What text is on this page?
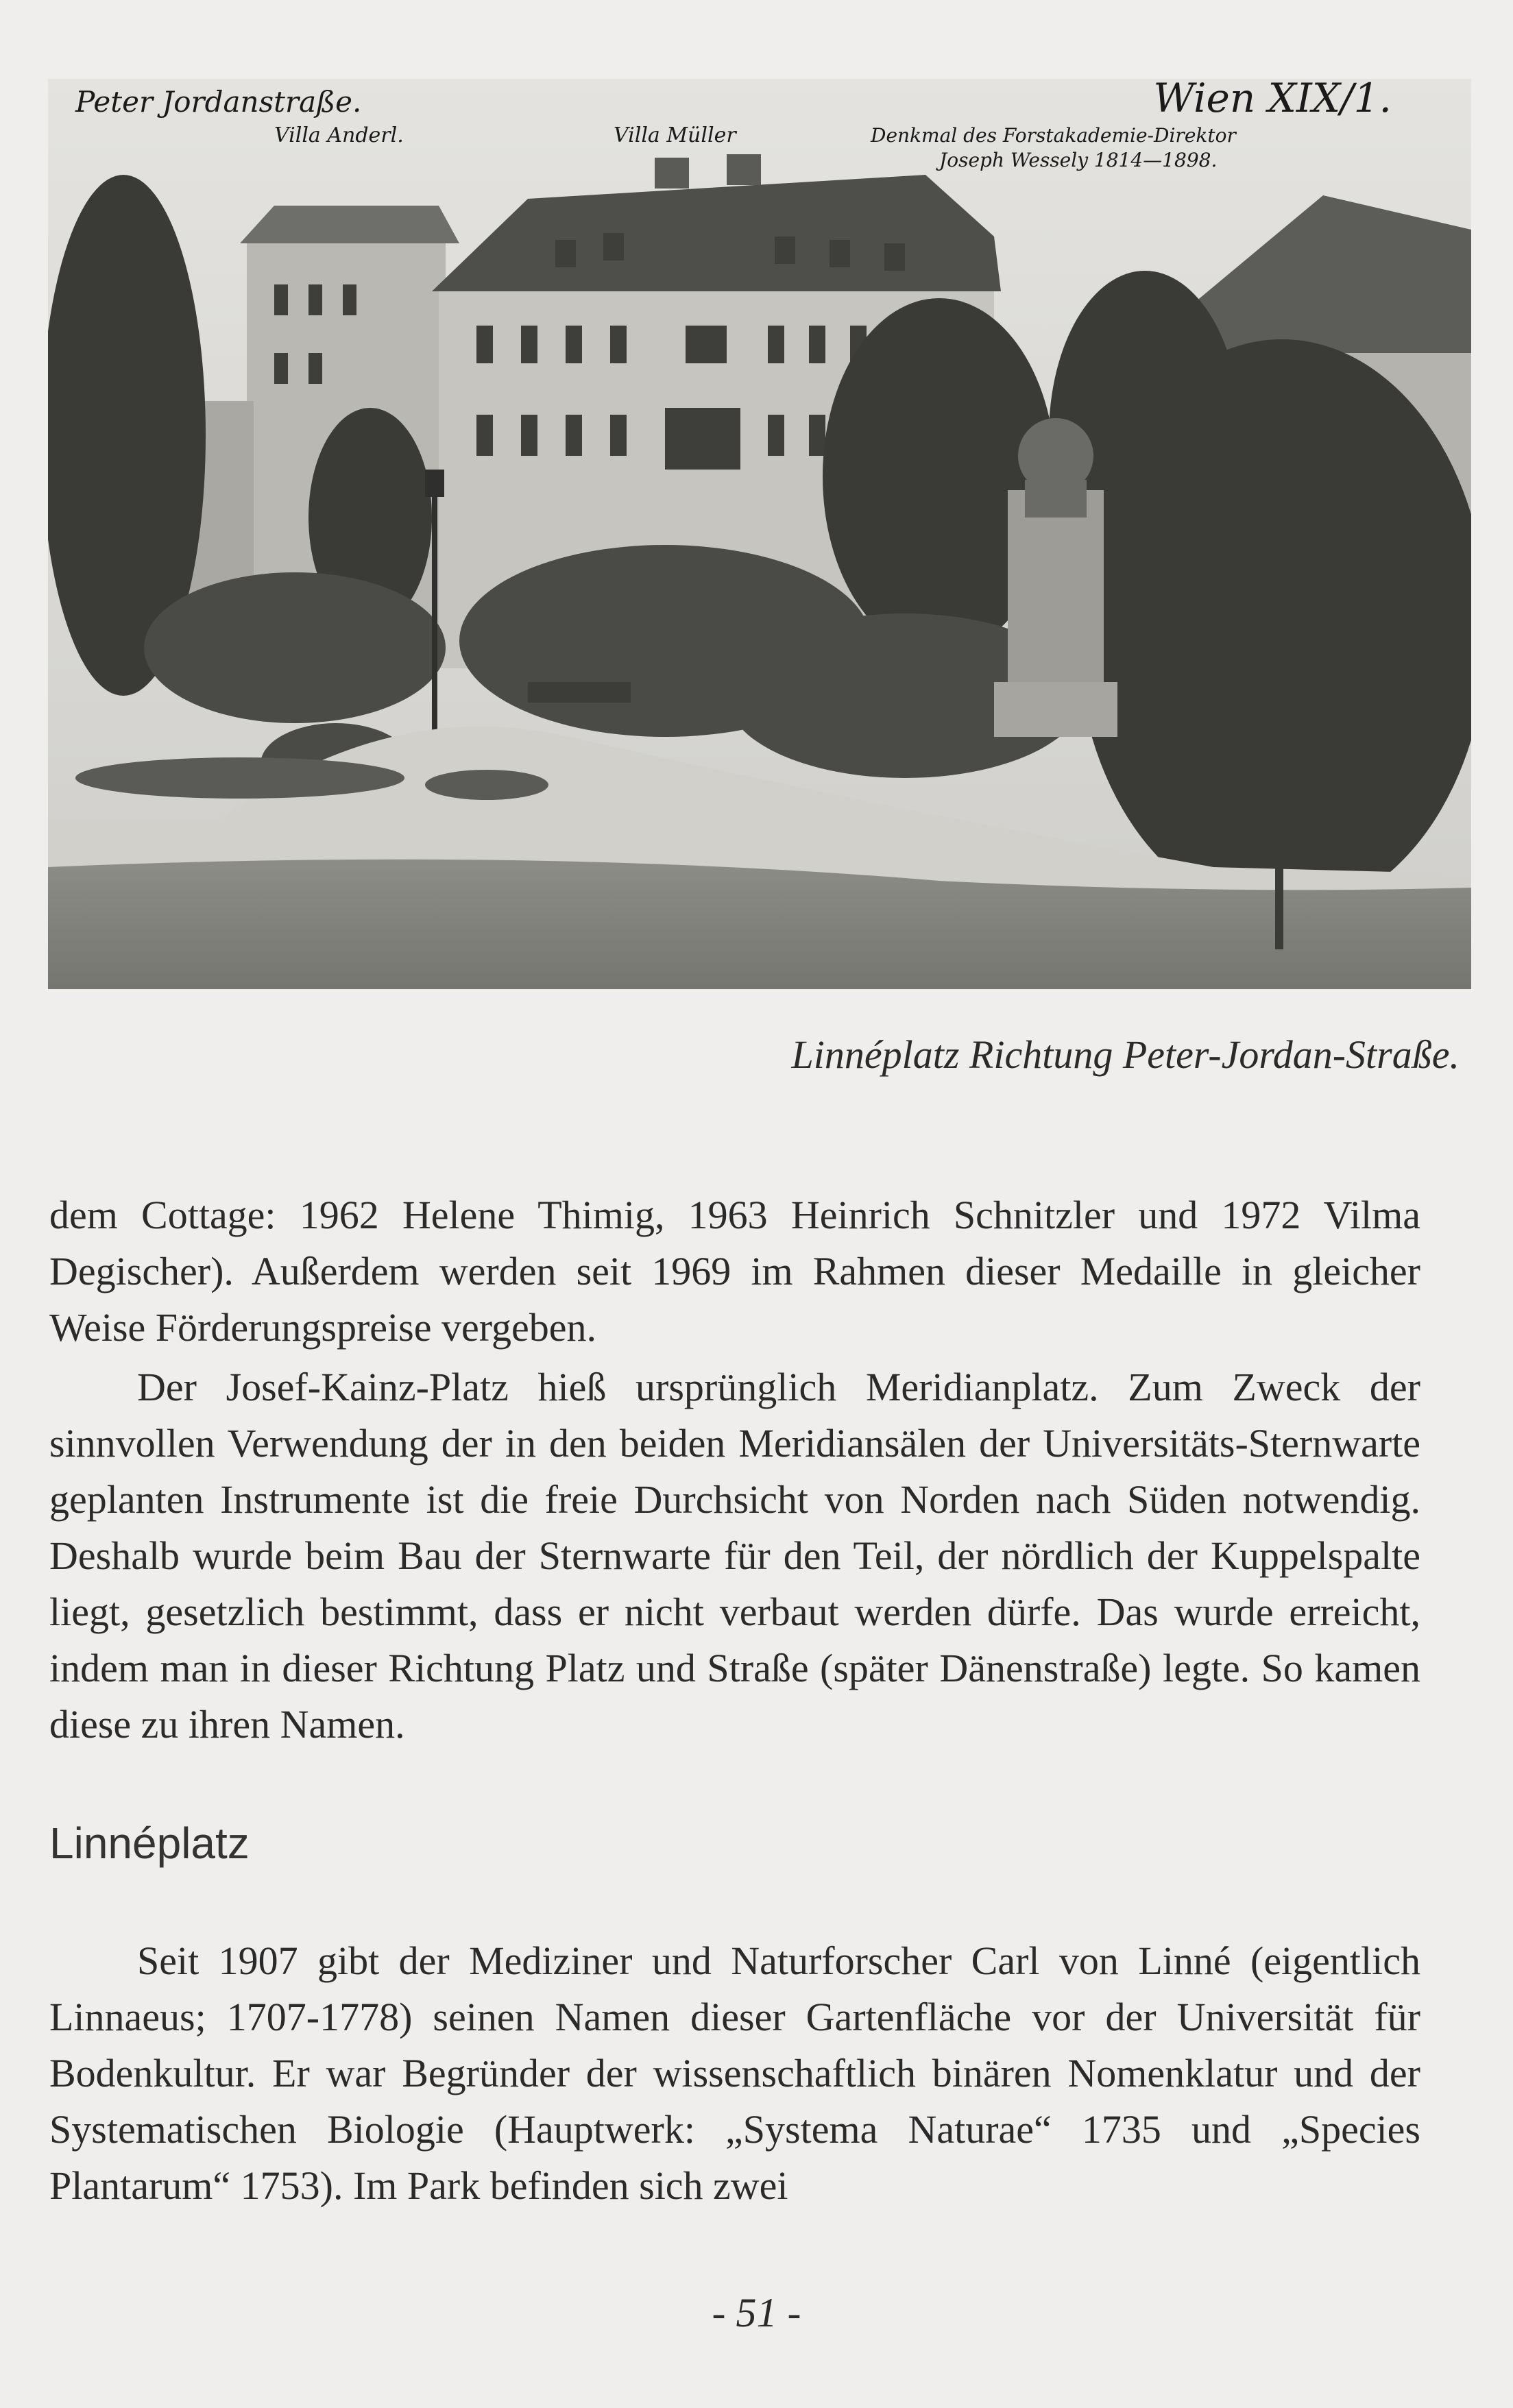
Peter Jordanstraße.	Wien XIX/1.
Villa Anderl.	Villa Müller	Denkmal des Forstakademie-Direktor
Joseph Wessely 1814—1898.
Linnéplatz Richtung Peter-Jordan-Straße.

dem Cottage: 1962 Helene Thimig, 1963 Heinrich Schnitzler und 1972 Vilma Degischer). Außerdem werden seit 1969 im Rahmen dieser Medaille in gleicher Weise Förderungspreise vergeben.

Der Josef-Kainz-Platz hieß ursprünglich Meridianplatz. Zum Zweck der sinnvollen Verwendung der in den beiden Meridiansälen der Universitäts-Sternwarte geplanten Instrumente ist die freie Durchsicht von Norden nach Süden notwendig. Deshalb wurde beim Bau der Sternwarte für den Teil, der nördlich der Kuppelspalte liegt, gesetzlich bestimmt, dass er nicht verbaut werden dürfe. Das wurde erreicht, indem man in dieser Richtung Platz und Straße (später Dänenstraße) legte. So kamen diese zu ihren Namen.

Linnéplatz

Seit 1907 gibt der Mediziner und Naturforscher Carl von Linné (eigentlich Linnaeus; 1707-1778) seinen Namen dieser Gartenfläche vor der Universität für Bodenkultur. Er war Begründer der wissenschaftlich binären Nomenklatur und der Systematischen Biologie (Hauptwerk: „Systema Naturae“ 1735 und „Species Plantarum“ 1753). Im Park befinden sich zwei

- 51 -
